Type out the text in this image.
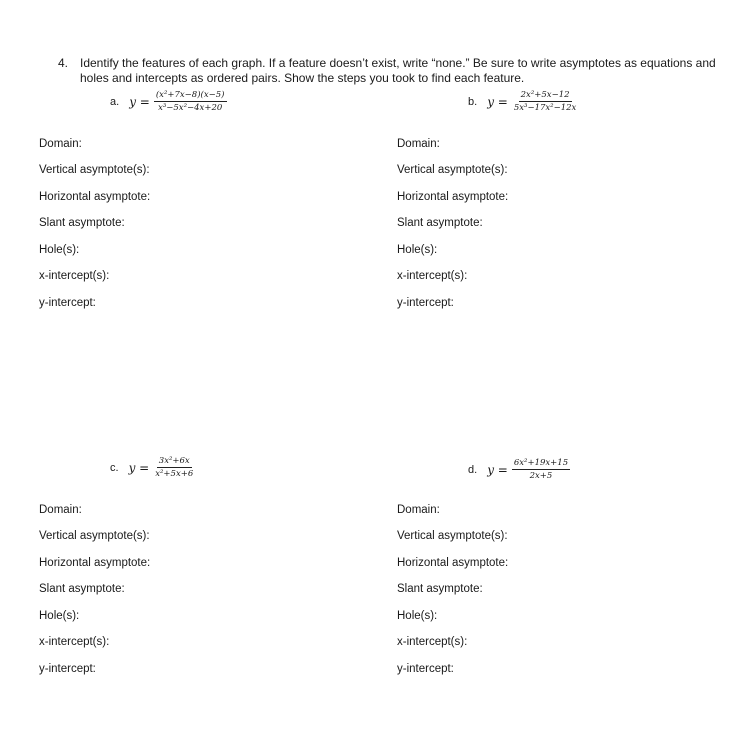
4. Identify the features of each graph. If a feature doesn’t exist, write “none.” Be sure to write asymptotes as equations and holes and intercepts as ordered pairs. Show the steps you took to find each feature.
a. $y = \frac{\text{(x²+7x−8)(x−5)}}{\text{x³−5x²−4x+20}}$	b. $y = \frac{\text{2x²+5x−12}}{\text{5x³−17x²−12x}}$
c. $y = \frac{\text{3x²+6x}}{\text{x²+5x+6}}$	d. $y = \frac{\text{6x²+19x+15}}{2x+5}$
Domain:
Vertical asymptote(s):
Horizontal asymptote:
Slant asymptote:
Hole(s):
x-intercept(s):
y-intercept:
Domain:
Vertical asymptote(s):
Horizontal asymptote:
Slant asymptote:
Hole(s):
x-intercept(s):
y-intercept:
Domain:
Vertical asymptote(s):
Horizontal asymptote:
Slant asymptote:
Hole(s):
x-intercept(s):
y-intercept:
Domain:
Vertical asymptote(s):
Horizontal asymptote:
Slant asymptote:
Hole(s):
x-intercept(s):
y-intercept:
